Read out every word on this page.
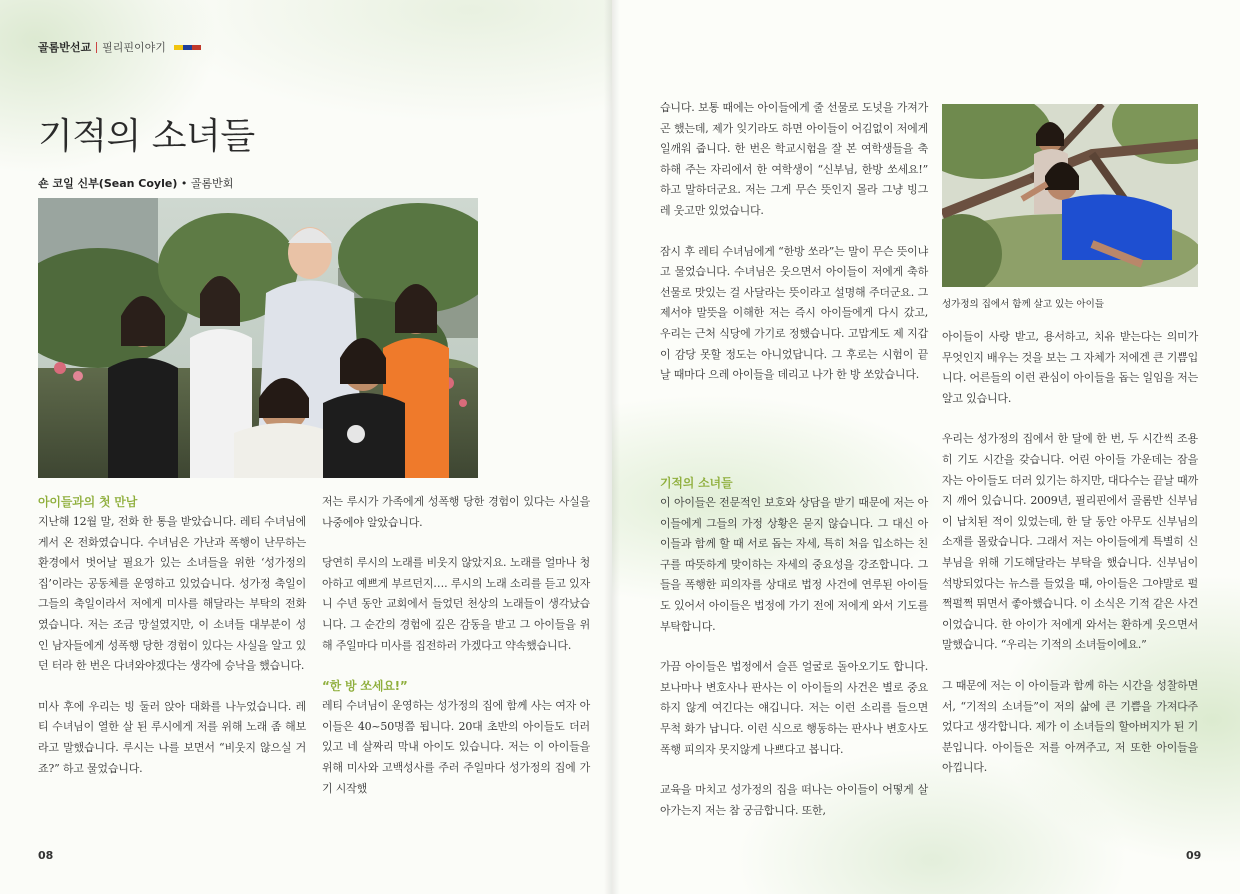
골롬반선교 필리핀이야기
기적의 소녀들
숀 코일 신부(Sean Coyle) • 골롬반회
성가정의 집에서 함께 살고 있는 아이들
아이들과의 첫 만남

지난해 12월 말, 전화 한 통을 받았습니다. 레티 수녀님에게서 온 전화였습니다. 수녀님은 가난과 폭행이 난무하는 환경에서 벗어날 필요가 있는 소녀들을 위한 ‘성가정의 집’이라는 공동체를 운영하고 있었습니다. 성가정 축일이 그들의 축일이라서 저에게 미사를 해달라는 부탁의 전화였습니다. 저는 조금 망설였지만, 이 소녀들 대부분이 성인 남자들에게 성폭행 당한 경험이 있다는 사실을 알고 있던 터라 한 번은 다녀와야겠다는 생각에 승낙을 했습니다.

미사 후에 우리는 빙 둘러 앉아 대화를 나누었습니다. 레티 수녀님이 열한 살 된 루시에게 저를 위해 노래 좀 해보라고 말했습니다. 루시는 나를 보면서 “비웃지 않으실 거죠?” 하고 물었습니다.

저는 루시가 가족에게 성폭행 당한 경험이 있다는 사실을 나중에야 알았습니다.

당연히 루시의 노래를 비웃지 않았지요. 노래를 얼마나 청아하고 예쁘게 부르던지…. 루시의 노래 소리를 듣고 있자니 수년 동안 교회에서 들었던 천상의 노래들이 생각났습니다. 그 순간의 경험에 깊은 감동을 받고 그 아이들을 위해 주일마다 미사를 집전하러 가겠다고 약속했습니다.

“한 방 쏘세요!”

레티 수녀님이 운영하는 성가정의 집에 함께 사는 여자 아이들은 40~50명쯤 됩니다. 20대 초반의 아이들도 더러 있고 네 살짜리 막내 아이도 있습니다. 저는 이 아이들을 위해 미사와 고백성사를 주러 주일마다 성가정의 집에 가기 시작했

습니다. 보통 때에는 아이들에게 줄 선물로 도넛을 가져가곤 했는데, 제가 잊기라도 하면 아이들이 어김없이 저에게 일깨워 줍니다. 한 번은 학교시험을 잘 본 여학생들을 축하해 주는 자리에서 한 여학생이 “신부님, 한방 쏘세요!” 하고 말하더군요. 저는 그게 무슨 뜻인지 몰라 그냥 빙그레 웃고만 있었습니다.

잠시 후 레티 수녀님에게 “한방 쏘라”는 말이 무슨 뜻이냐고 물었습니다. 수녀님은 웃으면서 아이들이 저에게 축하 선물로 맛있는 걸 사달라는 뜻이라고 설명해 주더군요. 그제서야 말뜻을 이해한 저는 즉시 아이들에게 다시 갔고, 우리는 근처 식당에 가기로 정했습니다. 고맙게도 제 지갑이 감당 못할 정도는 아니었답니다. 그 후로는 시험이 끝날 때마다 으레 아이들을 데리고 나가 한 방 쏘았습니다.

기적의 소녀들

이 아이들은 전문적인 보호와 상담을 받기 때문에 저는 아이들에게 그들의 가정 상황은 묻지 않습니다. 그 대신 아이들과 함께 할 때 서로 돕는 자세, 특히 처음 입소하는 친구를 따뜻하게 맞이하는 자세의 중요성을 강조합니다. 그들을 폭행한 피의자를 상대로 법정 사건에 연루된 아이들도 있어서 아이들은 법정에 가기 전에 저에게 와서 기도를 부탁합니다.

가끔 아이들은 법정에서 슬픈 얼굴로 돌아오기도 합니다. 보나마나 변호사나 판사는 이 아이들의 사건은 별로 중요하지 않게 여긴다는 얘깁니다. 저는 이런 소리를 들으면 무척 화가 납니다. 이런 식으로 행동하는 판사나 변호사도 폭행 피의자 못지않게 나쁘다고 봅니다.

교육을 마치고 성가정의 집을 떠나는 아이들이 어떻게 살아가는지 저는 참 궁금합니다. 또한,

아이들이 사랑 받고, 용서하고, 치유 받는다는 의미가 무엇인지 배우는 것을 보는 그 자체가 저에겐 큰 기쁨입니다. 어른들의 이런 관심이 아이들을 돕는 일임을 저는 알고 있습니다.

우리는 성가정의 집에서 한 달에 한 번, 두 시간씩 조용히 기도 시간을 갖습니다. 어린 아이들 가운데는 잠을 자는 아이들도 더러 있기는 하지만, 대다수는 끝날 때까지 깨어 있습니다. 2009년, 필리핀에서 골롬반 신부님이 납치된 적이 있었는데, 한 달 동안 아무도 신부님의 소재를 몰랐습니다. 그래서 저는 아이들에게 특별히 신부님을 위해 기도해달라는 부탁을 했습니다. 신부님이 석방되었다는 뉴스를 들었을 때, 아이들은 그야말로 펄쩍펄쩍 뛰면서 좋아했습니다. 이 소식은 기적 같은 사건이었습니다. 한 아이가 저에게 와서는 환하게 웃으면서 말했습니다. “우리는 기적의 소녀들이에요.”

그 때문에 저는 이 아이들과 함께 하는 시간을 성찰하면서, “기적의 소녀들”이 저의 삶에 큰 기쁨을 가져다주었다고 생각합니다. 제가 이 소녀들의 할아버지가 된 기분입니다. 아이들은 저를 아껴주고, 저 또한 아이들을 아낍니다.

08	09
